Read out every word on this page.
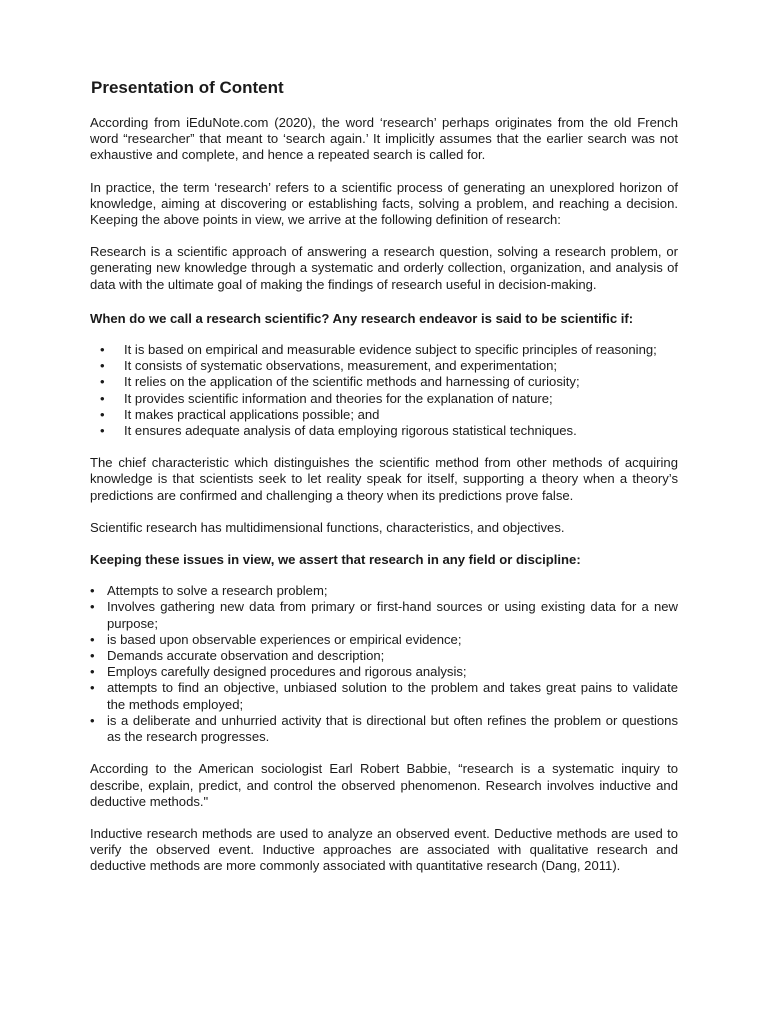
Presentation of Content

According from iEduNote.com (2020), the word ‘research’ perhaps originates from the old French word “researcher” that meant to ‘search again.’ It implicitly assumes that the earlier search was not exhaustive and complete, and hence a repeated search is called for.

In practice, the term ‘research’ refers to a scientific process of generating an unexplored horizon of knowledge, aiming at discovering or establishing facts, solving a problem, and reaching a decision. Keeping the above points in view, we arrive at the following definition of research:

Research is a scientific approach of answering a research question, solving a research problem, or generating new knowledge through a systematic and orderly collection, organization, and analysis of data with the ultimate goal of making the findings of research useful in decision-making.

When do we call a research scientific? Any research endeavor is said to be scientific if:

• It is based on empirical and measurable evidence subject to specific principles of reasoning;
• It consists of systematic observations, measurement, and experimentation;
• It relies on the application of the scientific methods and harnessing of curiosity;
• It provides scientific information and theories for the explanation of nature;
• It makes practical applications possible; and
• It ensures adequate analysis of data employing rigorous statistical techniques.

The chief characteristic which distinguishes the scientific method from other methods of acquiring knowledge is that scientists seek to let reality speak for itself, supporting a theory when a theory’s predictions are confirmed and challenging a theory when its predictions prove false.

Scientific research has multidimensional functions, characteristics, and objectives.

Keeping these issues in view, we assert that research in any field or discipline:

• Attempts to solve a research problem;
• Involves gathering new data from primary or first-hand sources or using existing data for a new purpose;
• is based upon observable experiences or empirical evidence;
• Demands accurate observation and description;
• Employs carefully designed procedures and rigorous analysis;
• attempts to find an objective, unbiased solution to the problem and takes great pains to validate the methods employed;
• is a deliberate and unhurried activity that is directional but often refines the problem or questions as the research progresses.

According to the American sociologist Earl Robert Babbie, “research is a systematic inquiry to describe, explain, predict, and control the observed phenomenon. Research involves inductive and deductive methods."

Inductive research methods are used to analyze an observed event. Deductive methods are used to verify the observed event. Inductive approaches are associated with qualitative research and deductive methods are more commonly associated with quantitative research (Dang, 2011).
